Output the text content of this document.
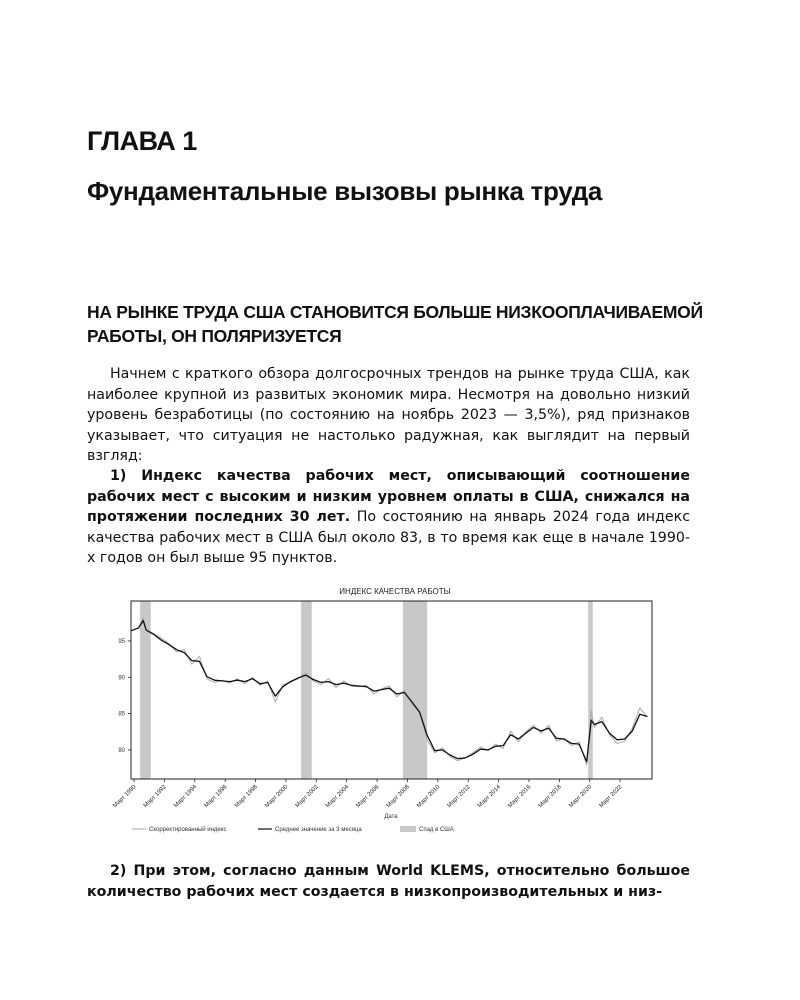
ГЛАВА 1
Фундаментальные вызовы рынка труда
НА РЫНКЕ ТРУДА США СТАНОВИТСЯ БОЛЬШЕ НИЗКООПЛАЧИВАЕМОЙ РАБОТЫ, ОН ПОЛЯРИЗУЕТСЯ

Начнем с краткого обзора долгосрочных трендов на рынке труда США, как наиболее крупной из развитых экономик мира. Несмотря на довольно низкий уровень безработицы (по состоянию на ноябрь 2023 — 3,5%), ряд признаков указывает, что ситуация не настолько радужная, как выглядит на первый взгляд:

1) Индекс качества рабочих мест, описывающий соотношение рабочих мест с высоким и низким уровнем оплаты в США, снижался на протяжении последних 30 лет. По состоянию на январь 2024 года индекс качества рабочих мест в США был около 83, в то время как еще в начале 1990-х годов он был выше 95 пунктов.

ИНДЕКС КАЧЕСТВА РАБОТЫ
80
85
90
95
Март 1990 Март 1992 Март 1994 Март 1996 Март 1998 Март 2000 Март 2002 Март 2004 Март 2006 Март 2008 Март 2010 Март 2012 Март 2014 Март 2016 Март 2018 Март 2020 Март 2022
Дата
Скорректированный индекс	Среднее значение за 3 месяца	Спад в США

2) При этом, согласно данным World KLEMS, относительно большое количество рабочих мест создается в низкопроизводительных и низ-
